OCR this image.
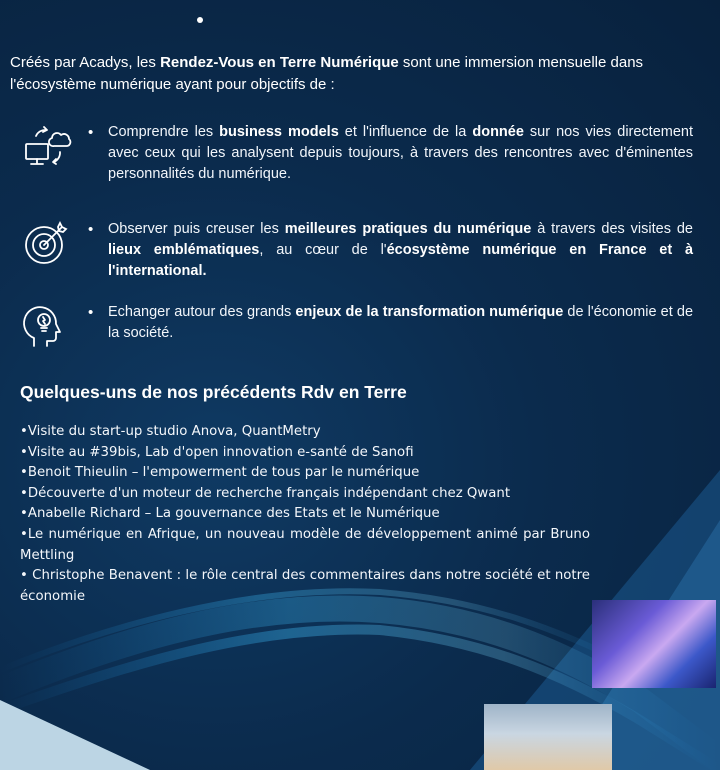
Créés par Acadys, les Rendez-Vous en Terre Numérique sont une immersion mensuelle dans l'écosystème numérique ayant pour objectifs de :
•	Comprendre les business models et l'influence de la donnée sur nos vies directement avec ceux qui les analysent depuis toujours, à travers des rencontres avec d'éminentes personnalités du numérique.
•	Observer puis creuser les meilleures pratiques du numérique à travers des visites de lieux emblématiques, au cœur de l'écosystème numérique en France et à l'international.
•	Echanger autour des grands enjeux de la transformation numérique de l'économie et de la société.
Quelques-uns de nos précédents Rdv en Terre
•Visite du start-up studio Anova, QuantMetry
•Visite au #39bis, Lab d'open innovation e-santé de Sanofi
•Benoit Thieulin – l'empowerment de tous par le numérique
•Découverte d'un moteur de recherche français indépendant chez Qwant
•Anabelle Richard – La gouvernance des Etats et le Numérique
•Le numérique en Afrique, un nouveau modèle de développement animé par Bruno Mettling
• Christophe Benavent : le rôle central des commentaires dans notre société et notre économie
